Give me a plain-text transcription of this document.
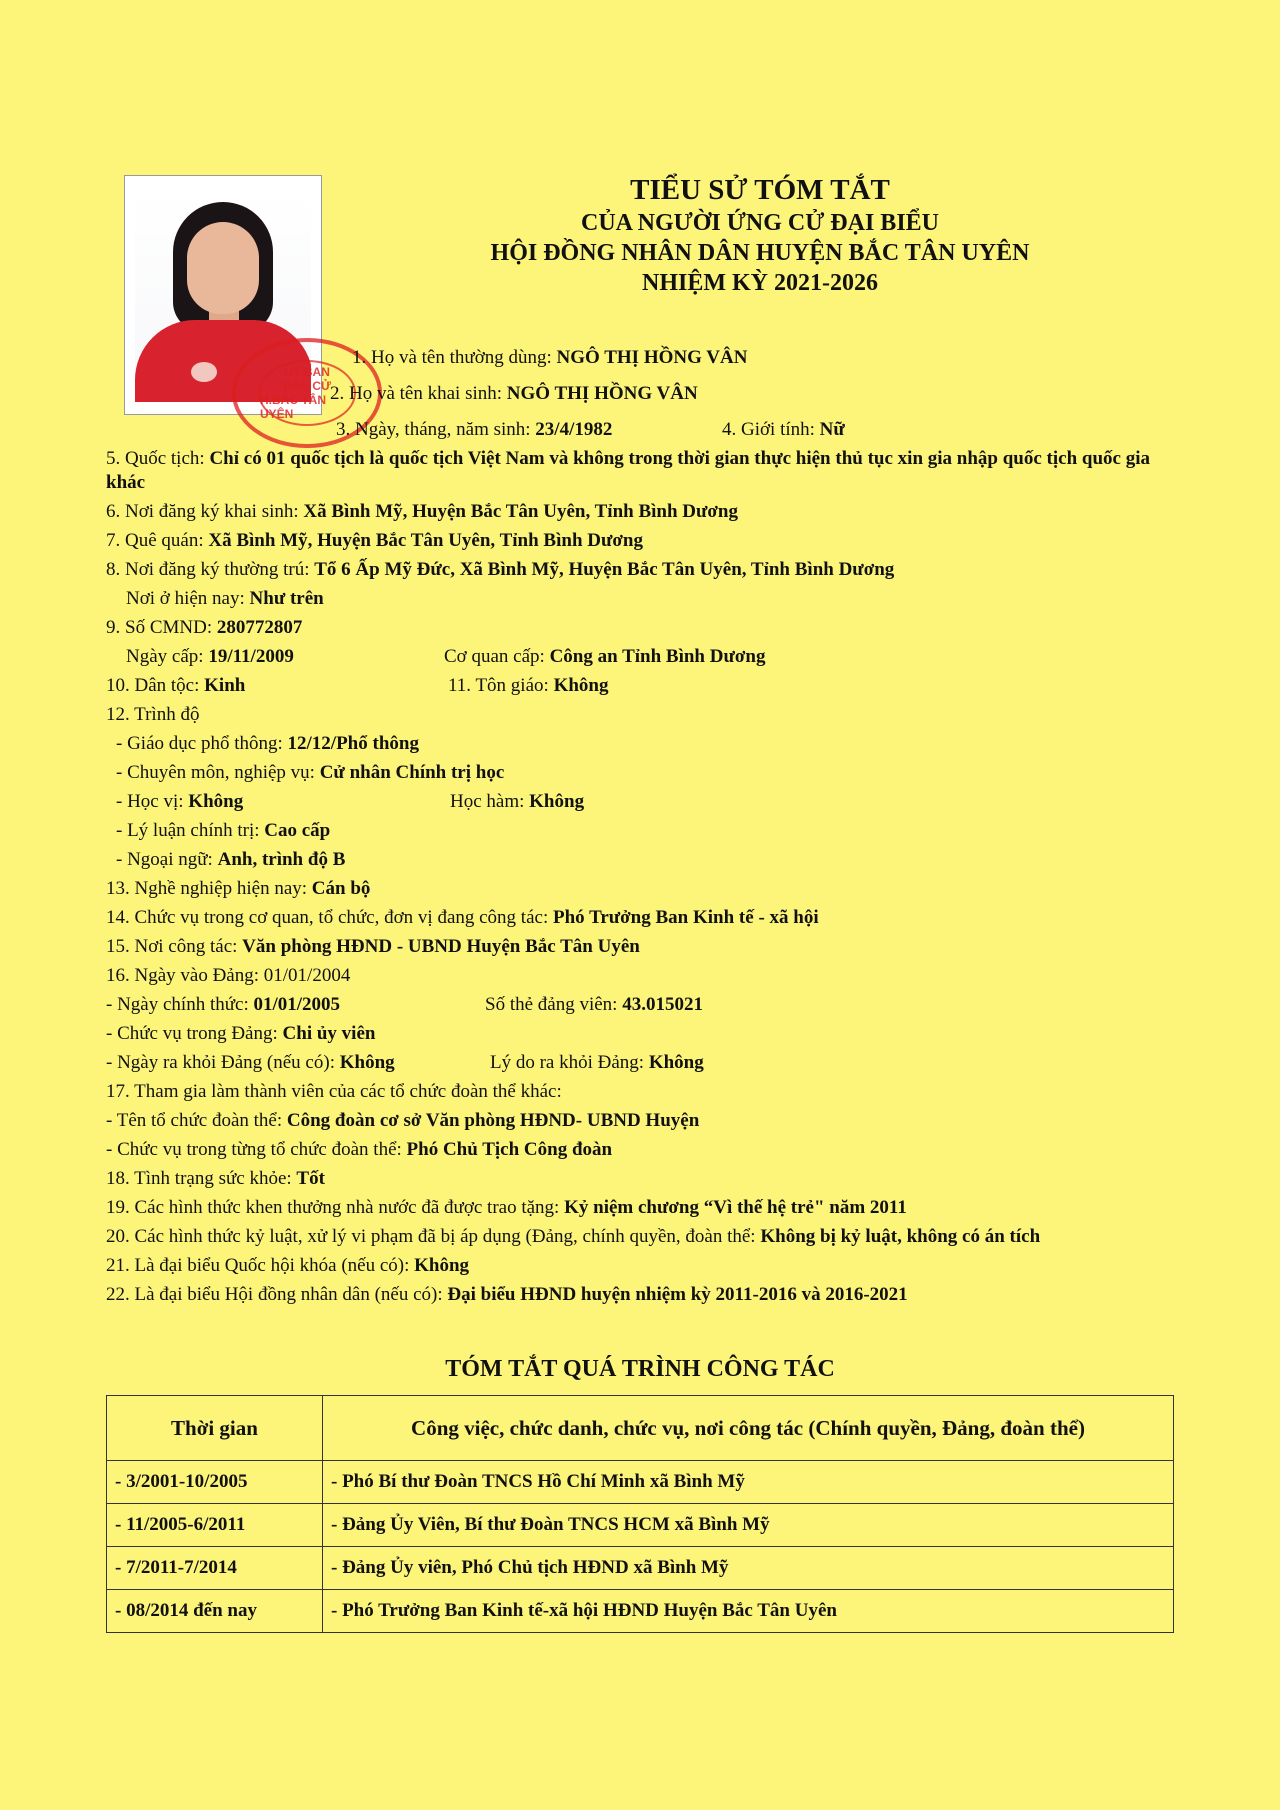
ỦY BAN
BẦU CỬ
H.BẮC TÂN UYÊN
TIỂU SỬ TÓM TẮT
CỦA NGƯỜI ỨNG CỬ ĐẠI BIỂU
HỘI ĐỒNG NHÂN DÂN HUYỆN BẮC TÂN UYÊN
NHIỆM KỲ 2021-2026
1. Họ và tên thường dùng: NGÔ THỊ HỒNG VÂN
2. Họ và tên khai sinh: NGÔ THỊ HỒNG VÂN
3. Ngày, tháng, năm sinh: 23/4/1982	4. Giới tính: Nữ
5. Quốc tịch: Chỉ có 01 quốc tịch là quốc tịch Việt Nam và không trong thời gian thực hiện thủ tục xin gia nhập quốc tịch quốc gia khác
6. Nơi đăng ký khai sinh: Xã Bình Mỹ, Huyện Bắc Tân Uyên, Tỉnh Bình Dương
7. Quê quán: Xã Bình Mỹ, Huyện Bắc Tân Uyên, Tỉnh Bình Dương
8. Nơi đăng ký thường trú: Tổ 6 Ấp Mỹ Đức, Xã Bình Mỹ, Huyện Bắc Tân Uyên, Tỉnh Bình Dương
Nơi ở hiện nay: Như trên
9. Số CMND: 280772807
Ngày cấp: 19/11/2009	Cơ quan cấp: Công an Tỉnh Bình Dương
10. Dân tộc: Kinh	11. Tôn giáo: Không
12. Trình độ
- Giáo dục phổ thông: 12/12/Phổ thông
- Chuyên môn, nghiệp vụ: Cử nhân Chính trị học
- Học vị: Không	Học hàm: Không
- Lý luận chính trị: Cao cấp
- Ngoại ngữ: Anh, trình độ B
13. Nghề nghiệp hiện nay: Cán bộ
14. Chức vụ trong cơ quan, tổ chức, đơn vị đang công tác: Phó Trưởng Ban Kinh tế - xã hội
15. Nơi công tác: Văn phòng HĐND - UBND Huyện Bắc Tân Uyên
16. Ngày vào Đảng: 01/01/2004
- Ngày chính thức: 01/01/2005	Số thẻ đảng viên: 43.015021
- Chức vụ trong Đảng: Chi ủy viên
- Ngày ra khỏi Đảng (nếu có): Không	Lý do ra khỏi Đảng: Không
17. Tham gia làm thành viên của các tổ chức đoàn thể khác:
- Tên tổ chức đoàn thể: Công đoàn cơ sở Văn phòng HĐND- UBND Huyện
- Chức vụ trong từng tổ chức đoàn thể: Phó Chủ Tịch Công đoàn
18. Tình trạng sức khỏe: Tốt
19. Các hình thức khen thưởng nhà nước đã được trao tặng: Kỷ niệm chương “Vì thế hệ trẻ" năm 2011
20. Các hình thức kỷ luật, xử lý vi phạm đã bị áp dụng (Đảng, chính quyền, đoàn thể: Không bị kỷ luật, không có án tích
21. Là đại biểu Quốc hội khóa (nếu có): Không
22. Là đại biểu Hội đồng nhân dân (nếu có): Đại biểu HĐND huyện nhiệm kỳ 2011-2016 và 2016-2021
TÓM TẮT QUÁ TRÌNH CÔNG TÁC
Thời gian	Công việc, chức danh, chức vụ, nơi công tác (Chính quyền, Đảng, đoàn thể)
- 3/2001-10/2005	- Phó Bí thư Đoàn TNCS Hồ Chí Minh xã Bình Mỹ
- 11/2005-6/2011	- Đảng Ủy Viên, Bí thư Đoàn TNCS HCM xã Bình Mỹ
- 7/2011-7/2014	- Đảng Ủy viên, Phó Chủ tịch HĐND xã Bình Mỹ
- 08/2014 đến nay	- Phó Trưởng Ban Kinh tế-xã hội HĐND Huyện Bắc Tân Uyên
